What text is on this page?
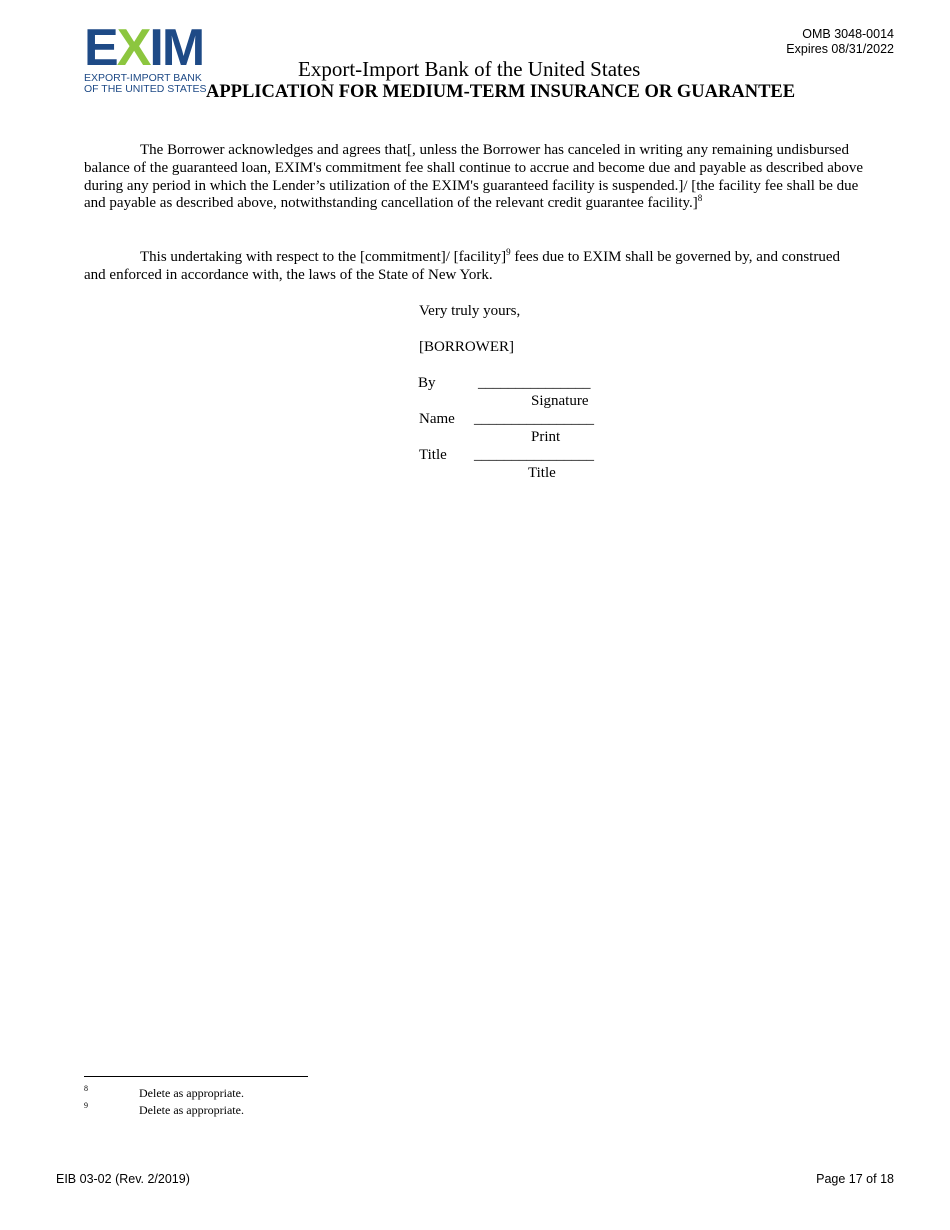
EXIM
EXPORT-IMPORT BANK
OF THE UNITED STATES
OMB 3048-0014
Expires 08/31/2022
Export-Import Bank of the United States
APPLICATION FOR MEDIUM-TERM INSURANCE OR GUARANTEE

The Borrower acknowledges and agrees that[, unless the Borrower has canceled in writing any remaining undisbursed balance of the guaranteed loan, EXIM's commitment fee shall continue to accrue and become due and payable as described above during any period in which the Lender’s utilization of the EXIM's guaranteed facility is suspended.]/ [the facility fee shall be due and payable as described above, notwithstanding cancellation of the relevant credit guarantee facility.]$^8$

This undertaking with respect to the [commitment]/ [facility]$^9$ fees due to EXIM shall be governed by, and construed and enforced in accordance with, the laws of the State of New York.

Very truly yours,
[BORROWER]
By	_______________
Signature
Name ________________
Print
Title ________________
Title
8	Delete as appropriate.
9	Delete as appropriate.
EIB 03-02 (Rev. 2/2019)	Page 17 of 18
